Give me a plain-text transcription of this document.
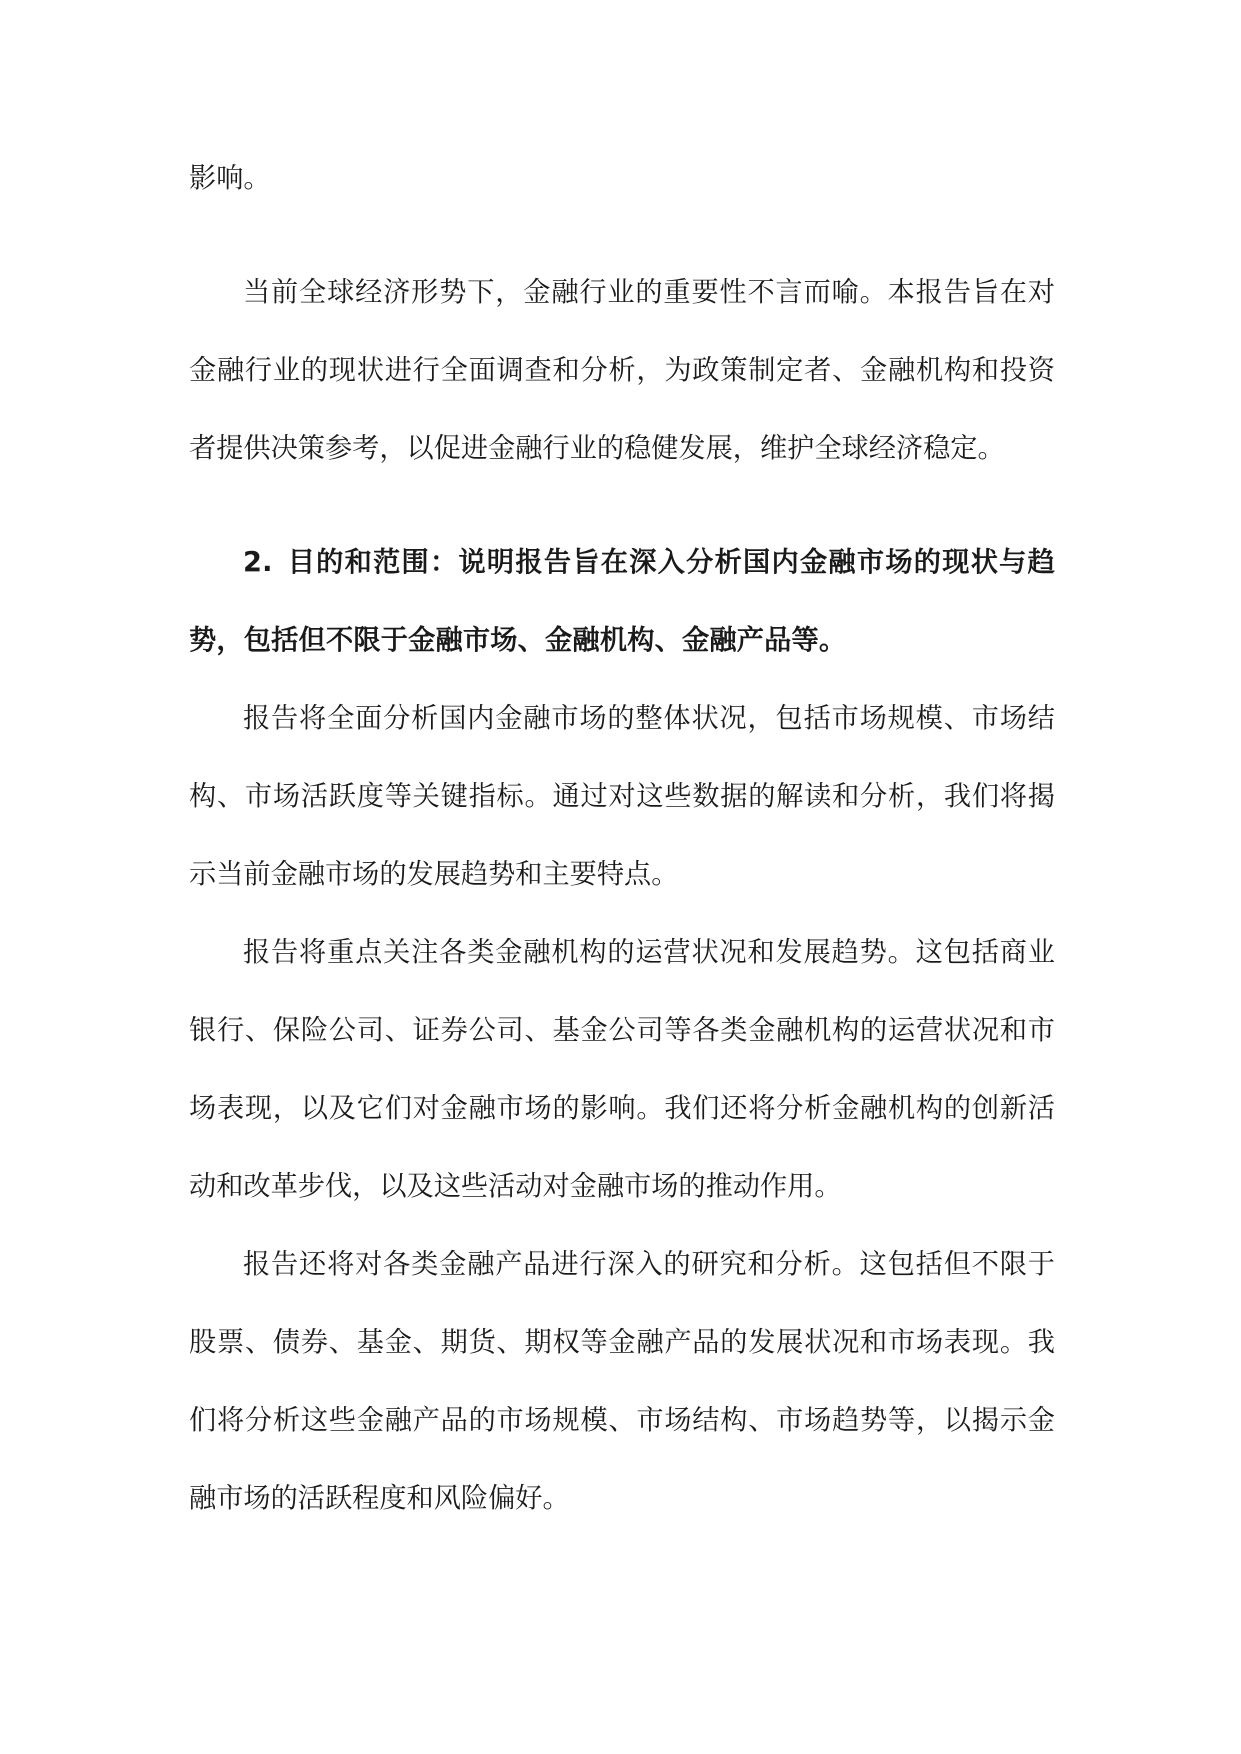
影响。

当前全球经济形势下，金融行业的重要性不言而喻。本报告旨在对金融行业的现状进行全面调查和分析，为政策制定者、金融机构和投资者提供决策参考，以促进金融行业的稳健发展，维护全球经济稳定。

2. 目的和范围：说明报告旨在深入分析国内金融市场的现状与趋势，包括但不限于金融市场、金融机构、金融产品等。

报告将全面分析国内金融市场的整体状况，包括市场规模、市场结构、市场活跃度等关键指标。通过对这些数据的解读和分析，我们将揭示当前金融市场的发展趋势和主要特点。

报告将重点关注各类金融机构的运营状况和发展趋势。这包括商业银行、保险公司、证券公司、基金公司等各类金融机构的运营状况和市场表现，以及它们对金融市场的影响。我们还将分析金融机构的创新活动和改革步伐，以及这些活动对金融市场的推动作用。

报告还将对各类金融产品进行深入的研究和分析。这包括但不限于股票、债券、基金、期货、期权等金融产品的发展状况和市场表现。我们将分析这些金融产品的市场规模、市场结构、市场趋势等，以揭示金融市场的活跃程度和风险偏好。
